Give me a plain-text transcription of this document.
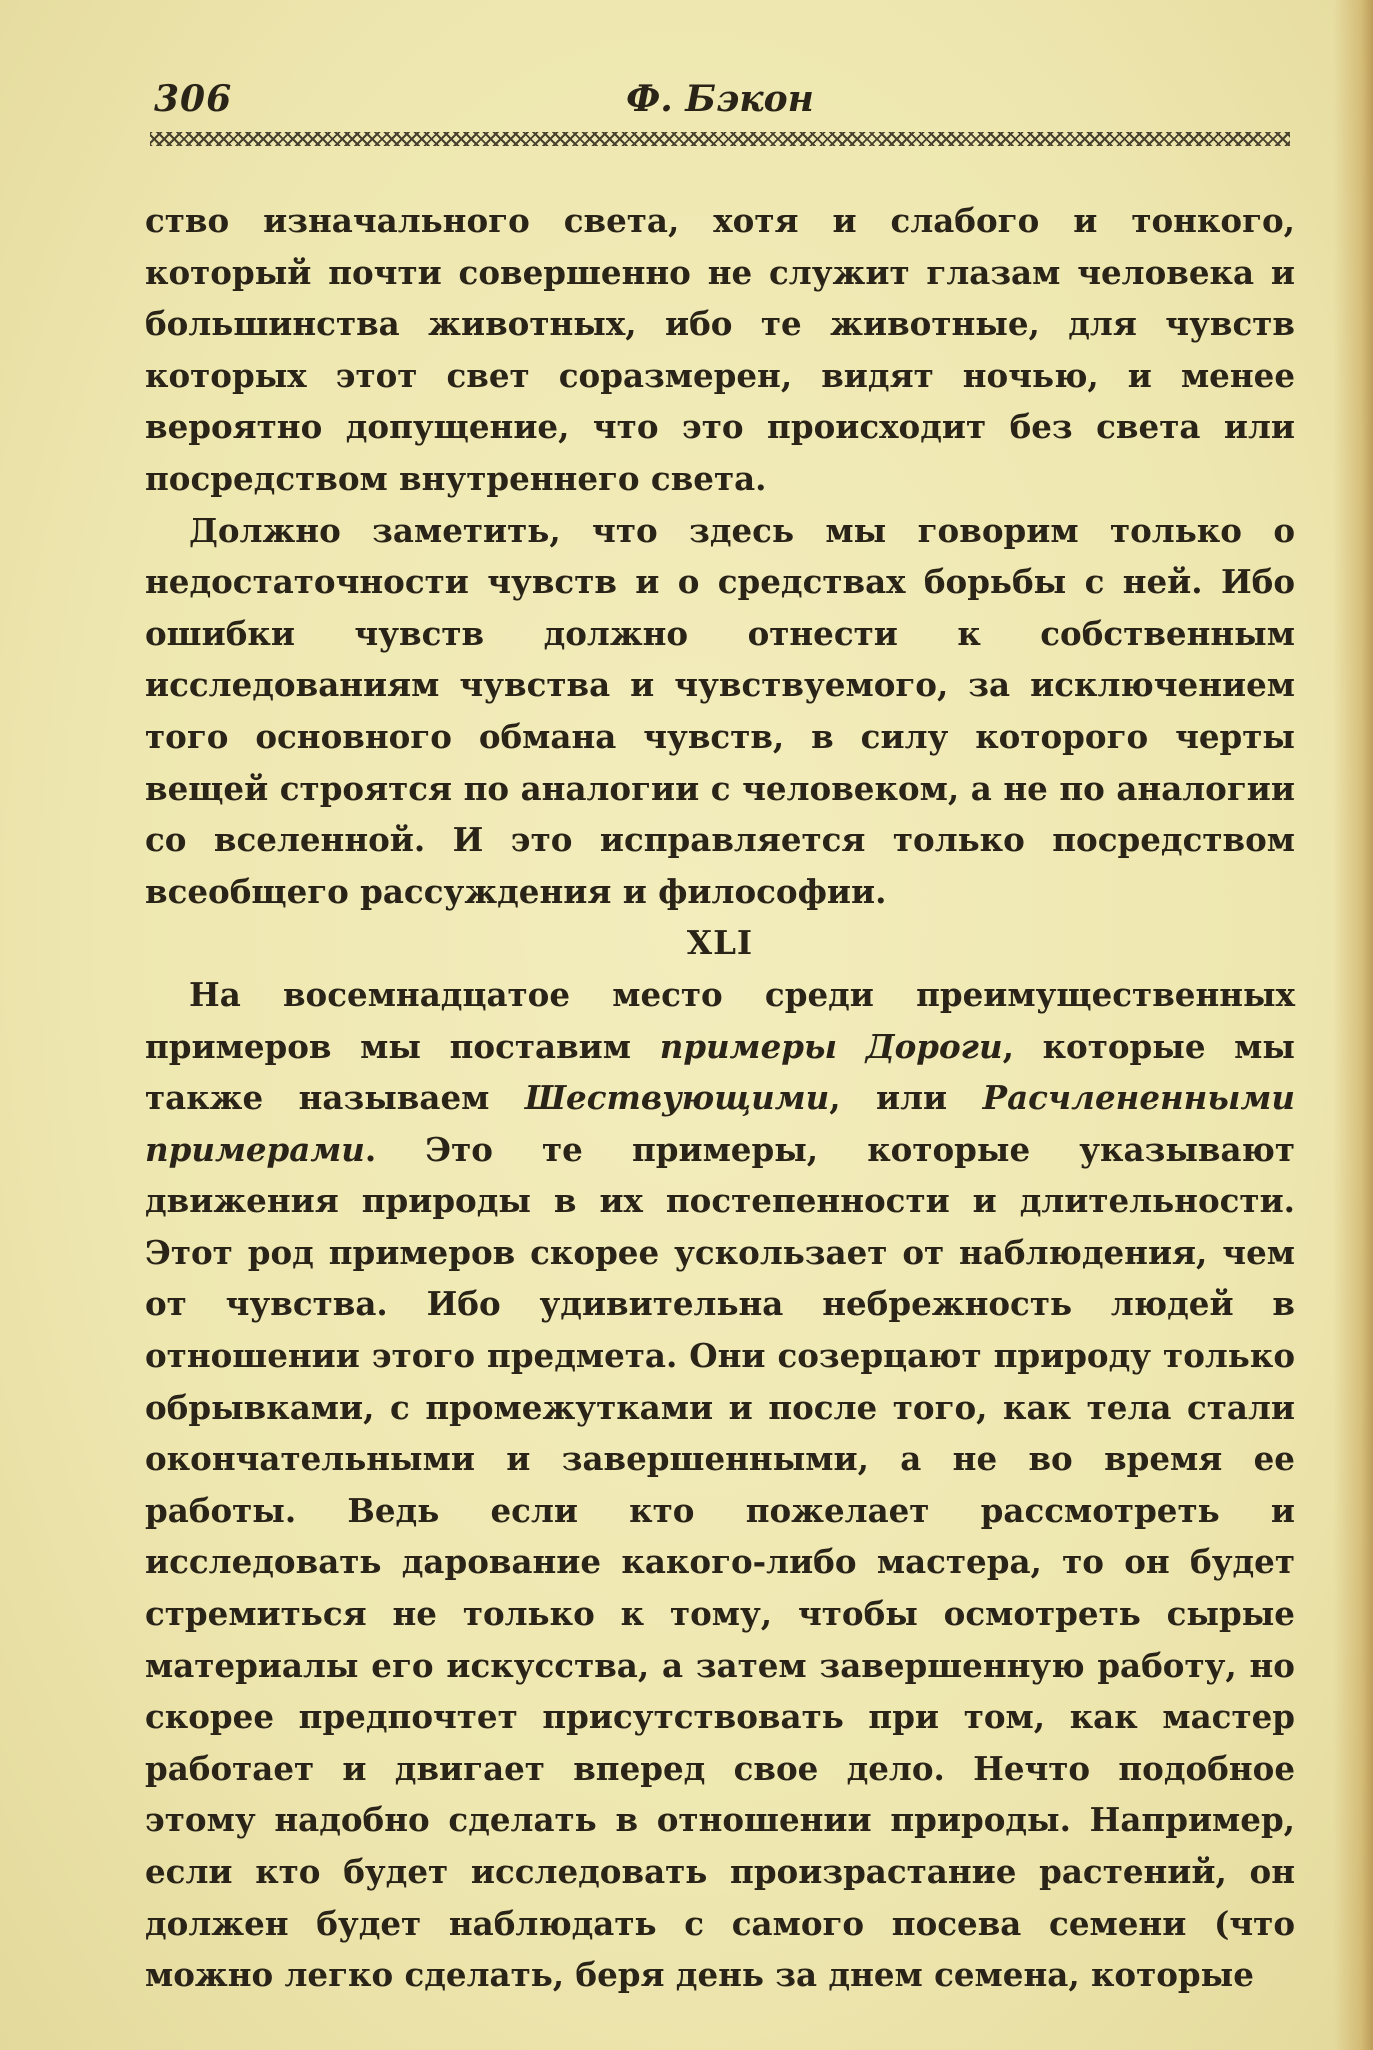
306	Ф. Бэкон

ство изначального света, хотя и слабого и тонкого, который почти совершенно не служит глазам человека и большинства животных, ибо те животные, для чувств которых этот свет соразмерен, видят ночью, и менее вероятно допущение, что это происходит без света или посредством внутреннего света.

Должно заметить, что здесь мы говорим только о недостаточности чувств и о средствах борьбы с ней. Ибо ошибки чувств должно отнести к собственным исследованиям чувства и чувствуемого, за исключением того основного обмана чувств, в силу которого черты вещей строятся по аналогии с человеком, а не по аналогии со вселенной. И это исправляется только посредством всеобщего рассуждения и философии.

XLI

На восемнадцатое место среди преимущественных примеров мы поставим примеры Дороги, которые мы также называем Шествующими, или Расчлененными примерами. Это те примеры, которые указывают движения природы в их постепенности и длительности. Этот род примеров скорее ускользает от наблюдения, чем от чувства. Ибо удивительна небрежность людей в отношении этого предмета. Они созерцают природу только обрывками, с промежутками и после того, как тела стали окончательными и завершенными, а не во время ее работы. Ведь если кто пожелает рассмотреть и исследовать дарование какого-либо мастера, то он будет стремиться не только к тому, чтобы осмотреть сырые материалы его искусства, а затем завершенную работу, но скорее предпочтет присутствовать при том, как мастер работает и двигает вперед свое дело. Нечто подобное этому надобно сделать в отношении природы. Например, если кто будет исследовать произрастание растений, он должен будет наблюдать с самого посева семени (что можно легко сделать, беря день за днем семена, которые
